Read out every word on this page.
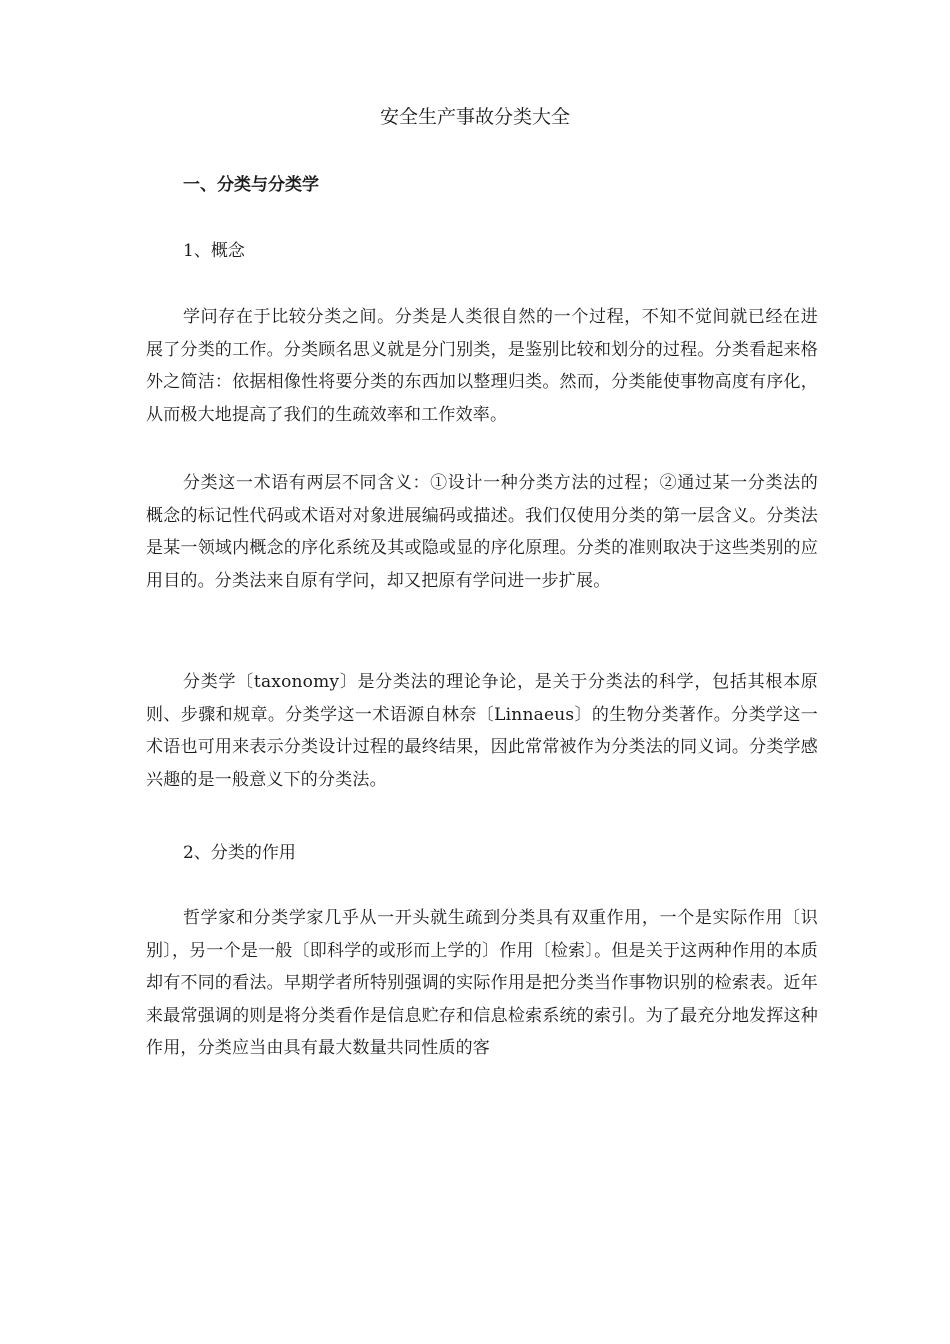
安全生产事故分类大全
一、分类与分类学
1、概念

学问存在于比较分类之间。分类是人类很自然的一个过程，不知不觉间就已经在进展了分类的工作。分类顾名思义就是分门别类，是鉴别比较和划分的过程。分类看起来格外之简洁：依据相像性将要分类的东西加以整理归类。然而，分类能使事物高度有序化，从而极大地提高了我们的生疏效率和工作效率。

分类这一术语有两层不同含义：①设计一种分类方法的过程；②通过某一分类法的概念的标记性代码或术语对对象进展编码或描述。我们仅使用分类的第一层含义。分类法是某一领域内概念的序化系统及其或隐或显的序化原理。分类的准则取决于这些类别的应用目的。分类法来自原有学问，却又把原有学问进一步扩展。

分类学〔taxonomy〕是分类法的理论争论，是关于分类法的科学，包括其根本原则、步骤和规章。分类学这一术语源自林奈〔Linnaeus〕的生物分类著作。分类学这一术语也可用来表示分类设计过程的最终结果，因此常常被作为分类法的同义词。分类学感兴趣的是一般意义下的分类法。

2、分类的作用

哲学家和分类学家几乎从一开头就生疏到分类具有双重作用，一个是实际作用〔识别〕，另一个是一般〔即科学的或形而上学的〕作用〔检索〕。但是关于这两种作用的本质却有不同的看法。早期学者所特别强调的实际作用是把分类当作事物识别的检索表。近年来最常强调的则是将分类看作是信息贮存和信息检索系统的索引。为了最充分地发挥这种作用，分类应当由具有最大数量共同性质的客
